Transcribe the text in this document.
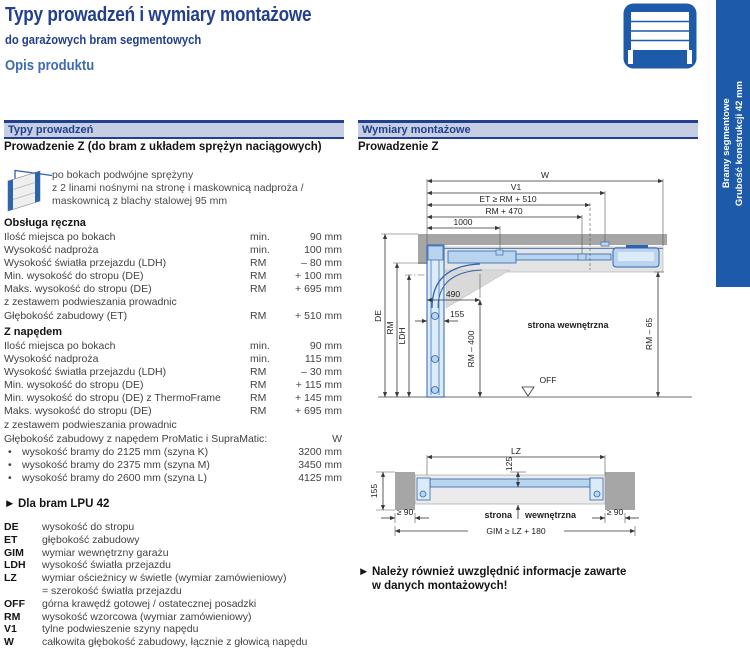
Typy prowadzeń i wymiary montażowe
do garażowych bram segmentowych
Opis produktu
Bramy segmentowe Grubość konstrukcji 42 mm
Typy prowadzeń
Prowadzenie Z (do bram z układem sprężyn naciągowych)
po bokach podwójne sprężyny
z 2 linami nośnymi na stronę i maskownicą nadproża /
maskownicą z blachy stalowej 95 mm
Obsługa ręczna
Ilość miejsca po bokach	min.	90 mm
Wysokość nadproża	min.	100 mm
Wysokość światła przejazdu (LDH)	RM	– 80 mm
Min. wysokość do stropu (DE)	RM	+ 100 mm
Maks. wysokość do stropu (DE)	RM	+ 695 mm
z zestawem podwieszania prowadnic
Głębokość zabudowy (ET)	RM	+ 510 mm
Z napędem
Ilość miejsca po bokach	min.	90 mm
Wysokość nadproża	min.	115 mm
Wysokość światła przejazdu (LDH)	RM	– 30 mm
Min. wysokość do stropu (DE)	RM	+ 115 mm
Min. wysokość do stropu (DE) z ThermoFrame	RM	+ 145 mm
Maks. wysokość do stropu (DE)	RM	+ 695 mm
z zestawem podwieszania prowadnic
Głębokość zabudowy z napędem ProMatic i SupraMatic:	W
• wysokość bramy do 2125 mm (szyna K)	3200 mm
• wysokość bramy do 2375 mm (szyna M)	3450 mm
• wysokość bramy do 2600 mm (szyna L)	4125 mm
► Dla bram LPU 42
DE	wysokość do stropu
ET	głębokość zabudowy
GIM	wymiar wewnętrzny garażu
LDH	wysokość światła przejazdu
LZ	wymiar ościeżnicy w świetle (wymiar zamówieniowy)
= szerokość światła przejazdu
OFF	górna krawędź gotowej / ostatecznej posadzki
RM	wysokość wzorcowa (wymiar zamówieniowy)
V1	tylne podwieszenie szyny napędu
W	całkowita głębokość zabudowy, łącznie z głowicą napędu
Wymiary montażowe
Prowadzenie Z
W
V1
ET ≥ RM + 510
RM + 470
1000
490
155
DE
RM LDH	RM – 400	RM – 65
OFF
strona wewnętrzna
LZ
125
155
≥ 90	≥ 90
GIM ≥ LZ + 180
strona wewnętrzna
► Należy również uwzględnić informacje zawarte
w danych montażowych!
